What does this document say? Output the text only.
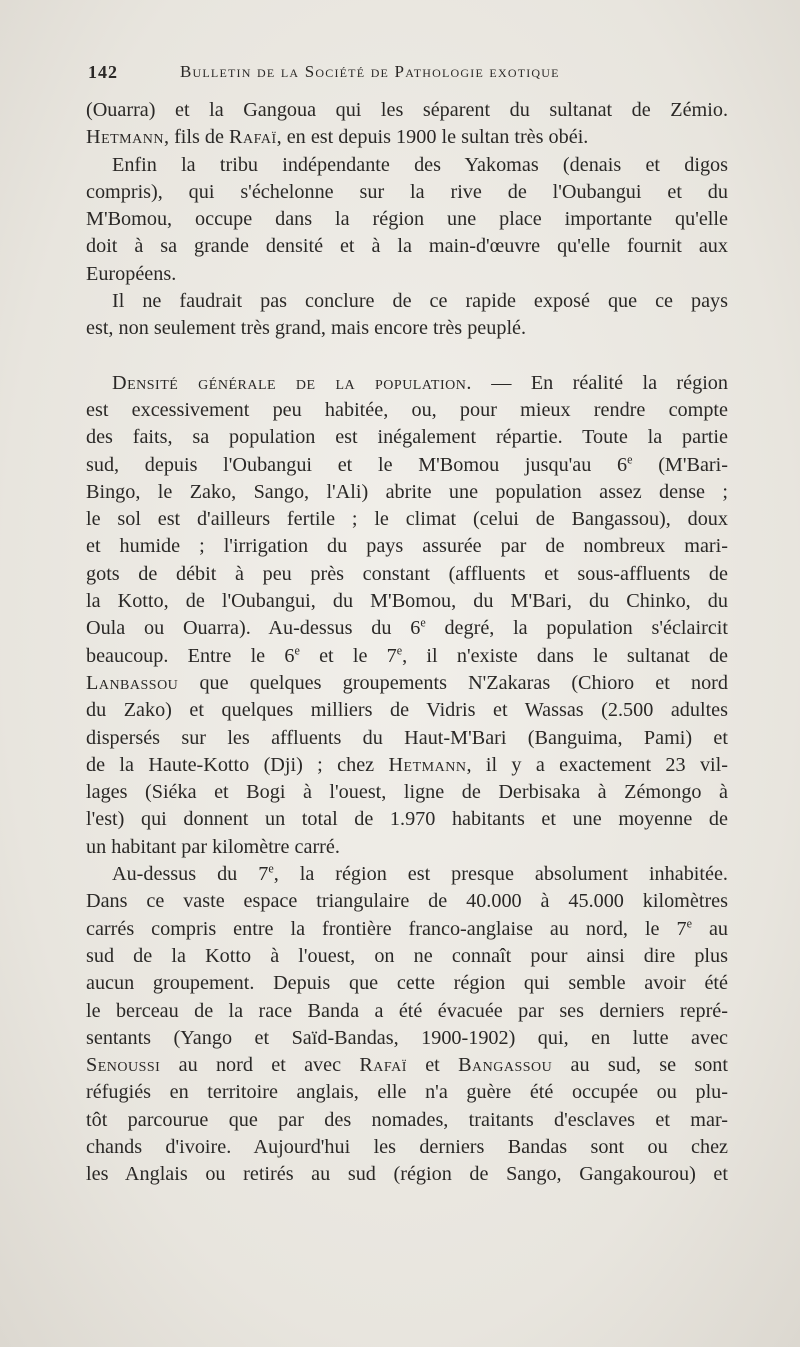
142	Bulletin de la Société de Pathologie exotique
(Ouarra) et la Gangoua qui les séparent du sultanat de Zémio.
Hetmann, fils de Rafaï, en est depuis 1900 le sultan très obéi.
Enfin la tribu indépendante des Yakomas (denais et digos
compris), qui s'échelonne sur la rive de l'Oubangui et du
M'Bomou, occupe dans la région une place importante qu'elle
doit à sa grande densité et à la main-d'œuvre qu'elle fournit aux
Européens.
Il ne faudrait pas conclure de ce rapide exposé que ce pays
est, non seulement très grand, mais encore très peuplé.
Densité générale de la population. — En réalité la région
est excessivement peu habitée, ou, pour mieux rendre compte
des faits, sa population est inégalement répartie. Toute la partie
sud, depuis l'Oubangui et le M'Bomou jusqu'au 6e (M'Bari-
Bingo, le Zako, Sango, l'Ali) abrite une population assez dense ;
le sol est d'ailleurs fertile ; le climat (celui de Bangassou), doux
et humide ; l'irrigation du pays assurée par de nombreux mari-
gots de débit à peu près constant (affluents et sous-affluents de
la Kotto, de l'Oubangui, du M'Bomou, du M'Bari, du Chinko, du
Oula ou Ouarra). Au-dessus du 6e degré, la population s'éclaircit
beaucoup. Entre le 6e et le 7e, il n'existe dans le sultanat de
Lanbassou que quelques groupements N'Zakaras (Chioro et nord
du Zako) et quelques milliers de Vidris et Wassas (2.500 adultes
dispersés sur les affluents du Haut-M'Bari (Banguima, Pami) et
de la Haute-Kotto (Dji) ; chez Hetmann, il y a exactement 23 vil-
lages (Siéka et Bogi à l'ouest, ligne de Derbisaka à Zémongo à
l'est) qui donnent un total de 1.970 habitants et une moyenne de
un habitant par kilomètre carré.
Au-dessus du 7e, la région est presque absolument inhabitée.
Dans ce vaste espace triangulaire de 40.000 à 45.000 kilomètres
carrés compris entre la frontière franco-anglaise au nord, le 7e au
sud de la Kotto à l'ouest, on ne connaît pour ainsi dire plus
aucun groupement. Depuis que cette région qui semble avoir été
le berceau de la race Banda a été évacuée par ses derniers repré-
sentants (Yango et Saïd-Bandas, 1900-1902) qui, en lutte avec
Senoussi au nord et avec Rafaï et Bangassou au sud, se sont
réfugiés en territoire anglais, elle n'a guère été occupée ou plu-
tôt parcourue que par des nomades, traitants d'esclaves et mar-
chands d'ivoire. Aujourd'hui les derniers Bandas sont ou chez
les Anglais ou retirés au sud (région de Sango, Gangakourou) et
